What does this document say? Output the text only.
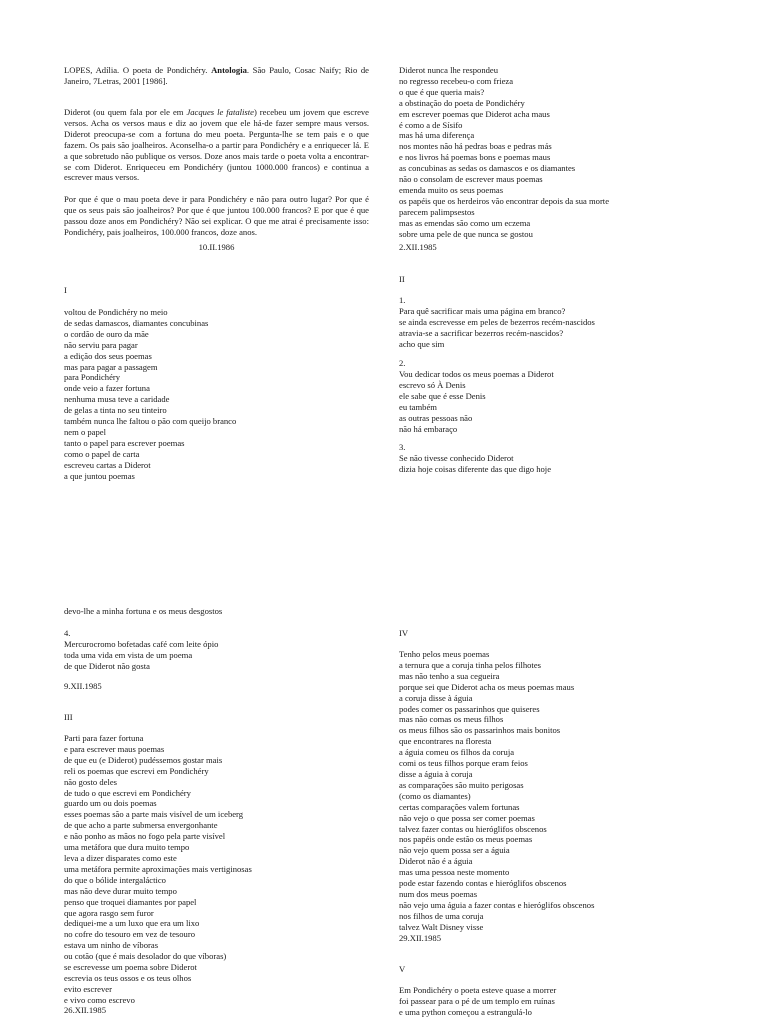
LOPES, Adília. O poeta de Pondichéry. Antologia. São Paulo, Cosac Naify; Rio de Janeiro, 7Letras, 2001 [1986].

Diderot (ou quem fala por ele em Jacques le fataliste) recebeu um jovem que escreve versos. Acha os versos maus e diz ao jovem que ele há-de fazer sempre maus versos. Diderot preocupa-se com a fortuna do meu poeta. Pergunta-lhe se tem pais e o que fazem. Os pais são joalheiros. Aconselha-o a partir para Pondichéry e a enriquecer lá. E a que sobretudo não publique os versos. Doze anos mais tarde o poeta volta a encontrar-se com Diderot. Enriqueceu em Pondichéry (juntou 1000.000 francos) e continua a escrever maus versos.

Por que é que o mau poeta deve ir para Pondichéry e não para outro lugar? Por que é que os seus pais são joalheiros? Por que é que juntou 100.000 francos? E por que é que passou doze anos em Pondichéry? Não sei explicar. O que me atrai é precisamente isso: Pondichéry, pais joalheiros, 100.000 francos, doze anos.

10.II.1986

I

voltou de Pondichéry no meio
de sedas damascos, diamantes concubinas
o cordão de ouro da mãe
não serviu para pagar
a edição dos seus poemas
mas para pagar a passagem
para Pondichéry
onde veio a fazer fortuna
nenhuma musa teve a caridade
de gelas a tinta no seu tinteiro
também nunca lhe faltou o pão com queijo branco
nem o papel
tanto o papel para escrever poemas
como o papel de carta
escreveu cartas a Diderot
a que juntou poemas
Diderot nunca lhe respondeu
no regresso recebeu-o com frieza
o que é que queria mais?
a obstinação do poeta de Pondichéry
em escrever poemas que Diderot acha maus
é como a de Sísifo
mas há uma diferença
nos montes não há pedras boas e pedras más
e nos livros há poemas bons e poemas maus
as concubinas as sedas os damascos e os diamantes
não o consolam de escrever maus poemas
emenda muito os seus poemas
os papéis que os herdeiros vão encontrar depois da sua morte
parecem palimpsestos
mas as emendas são como um eczema
sobre uma pele de que nunca se gostou

2.XII.1985

II

1.

Para quê sacrificar mais uma página em branco?
se ainda escrevesse em peles de bezerros recém-nascidos
atravia-se a sacrificar bezerros recém-nascidos?
acho que sim

2.

Vou dedicar todos os meus poemas a Diderot
escrevo só À Denis
ele sabe que é esse Denis
eu também
as outras pessoas não
não há embaraço

3.

Se não tivesse conhecido Diderot
dizia hoje coisas diferente das que digo hoje

devo-lhe a minha fortuna e os meus desgostos

4.

Mercurocromo bofetadas café com leite ópio
toda uma vida em vista de um poema
de que Diderot não gosta

9.XII.1985

III

Parti para fazer fortuna
e para escrever maus poemas
de que eu (e Diderot) pudéssemos gostar mais
reli os poemas que escrevi em Pondichéry
não gosto deles
de tudo o que escrevi em Pondichéry
guardo um ou dois poemas
esses poemas são a parte mais visível de um iceberg
de que acho a parte submersa envergonhante
e não ponho as mãos no fogo pela parte visível
uma metáfora que dura muito tempo
leva a dizer disparates como este
uma metáfora permite aproximações mais vertiginosas
do que o bólide intergaláctico
mas não deve durar muito tempo
penso que troquei diamantes por papel
que agora rasgo sem furor
dediquei-me a um luxo que era um lixo
no cofre do tesouro em vez de tesouro
estava um ninho de víboras
ou cotão (que é mais desolador do que víboras)
se escrevesse um poema sobre Diderot
escrevia os teus ossos e os teus olhos
evito escrever
e vivo como escrevo

26.XII.1985

IV

Tenho pelos meus poemas
a ternura que a coruja tinha pelos filhotes
mas não tenho a sua cegueira
porque sei que Diderot acha os meus poemas maus
a coruja disse à águia
podes comer os passarinhos que quiseres
mas não comas os meus filhos
os meus filhos são os passarinhos mais bonitos
que encontrares na floresta
a águia comeu os filhos da coruja
comi os teus filhos porque eram feios
disse a águia à coruja
as comparações são muito perigosas
(como os diamantes)
certas comparações valem fortunas
não vejo o que possa ser comer poemas
talvez fazer contas ou hieróglifos obscenos
nos papéis onde estão os meus poemas
não vejo quem possa ser a águia
Diderot não é a águia
mas uma pessoa neste momento
pode estar fazendo contas e hieróglifos obscenos
num dos meus poemas
não vejo uma águia a fazer contas e hieróglifos obscenos
nos filhos de uma coruja
talvez Walt Disney visse

29.XII.1985

V

Em Pondichéry o poeta esteve quase a morrer
foi passear para o pé de um templo em ruínas
e uma python começou a estrangulá-lo
